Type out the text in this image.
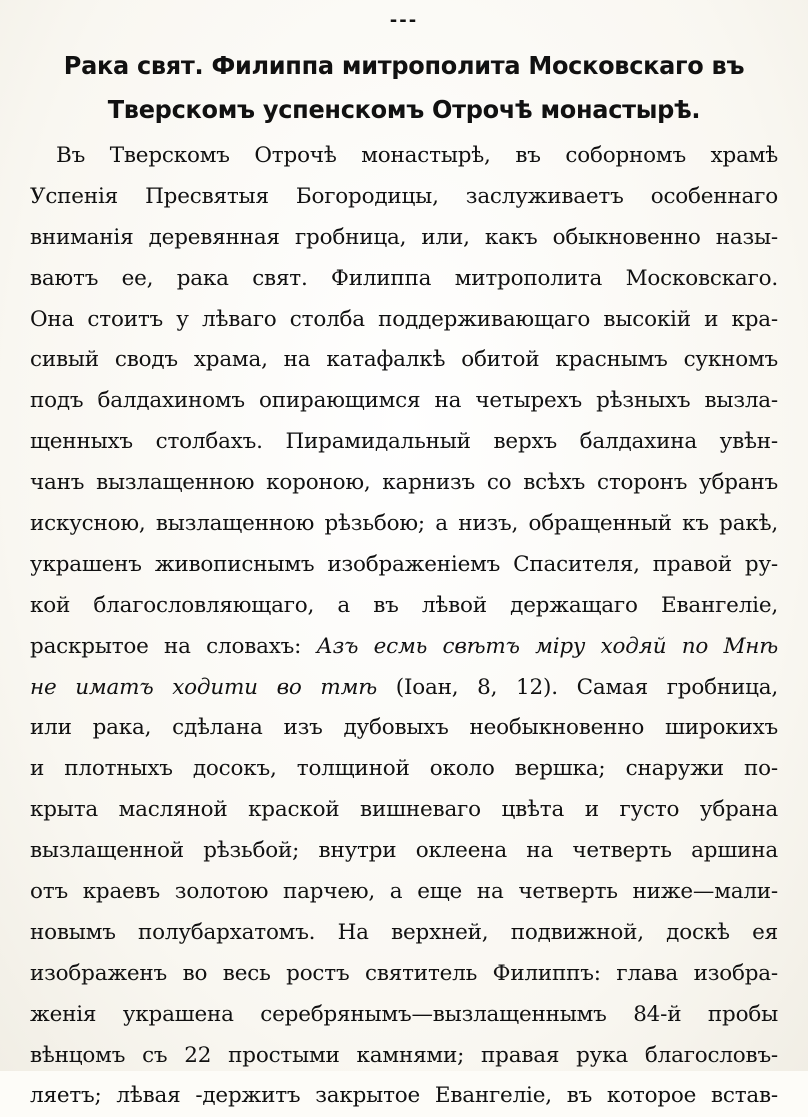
---
Рака свят. Филиппа митрополита Московскаго въ
Тверскомъ успенскомъ Отрочѣ монастырѣ.
Въ Тверскомъ Отрочѣ монастырѣ, въ соборномъ храмѣ
Успенія Пресвятыя Богородицы, заслуживаетъ особеннаго
вниманія деревянная гробница, или, какъ обыкновенно назы-
ваютъ ее, рака свят. Филиппа митрополита Московскаго.
Она стоитъ у лѣваго столба поддерживающаго высокій и кра-
сивый сводъ храма, на катафалкѣ обитой краснымъ сукномъ
подъ балдахиномъ опирающимся на четырехъ рѣзныхъ вызла-
щенныхъ столбахъ. Пирамидальный верхъ балдахина увѣн-
чанъ вызлащенною короною, карнизъ со всѣхъ сторонъ убранъ
искусною, вызлащенною рѣзьбою; а низъ, обращенный къ ракѣ,
украшенъ живописнымъ изображеніемъ Спасителя, правой ру-
кой благословляющаго, а въ лѣвой держащаго Евангеліе,
раскрытое на словахъ: Азъ есмь свѣтъ міру ходяй по Мнѣ
не иматъ ходити во тмѣ (Іоан, 8, 12). Самая гробница,
или рака, сдѣлана изъ дубовыхъ необыкновенно широкихъ
и плотныхъ досокъ, толщиной около вершка; снаружи по-
крыта масляной краской вишневаго цвѣта и густо убрана
вызлащенной рѣзьбой; внутри оклеена на четверть аршина
отъ краевъ золотою парчею, а еще на четверть ниже—мали-
новымъ полубархатомъ. На верхней, подвижной, доскѣ ея
изображенъ во весь ростъ святитель Филиппъ: глава изобра-
женія украшена серебрянымъ—вызлащеннымъ 84-й пробы
вѣнцомъ съ 22 простыми камнями; правая рука благословъ-
ляетъ; лѣвая -держитъ закрытое Евангеліе, въ которое встав-
